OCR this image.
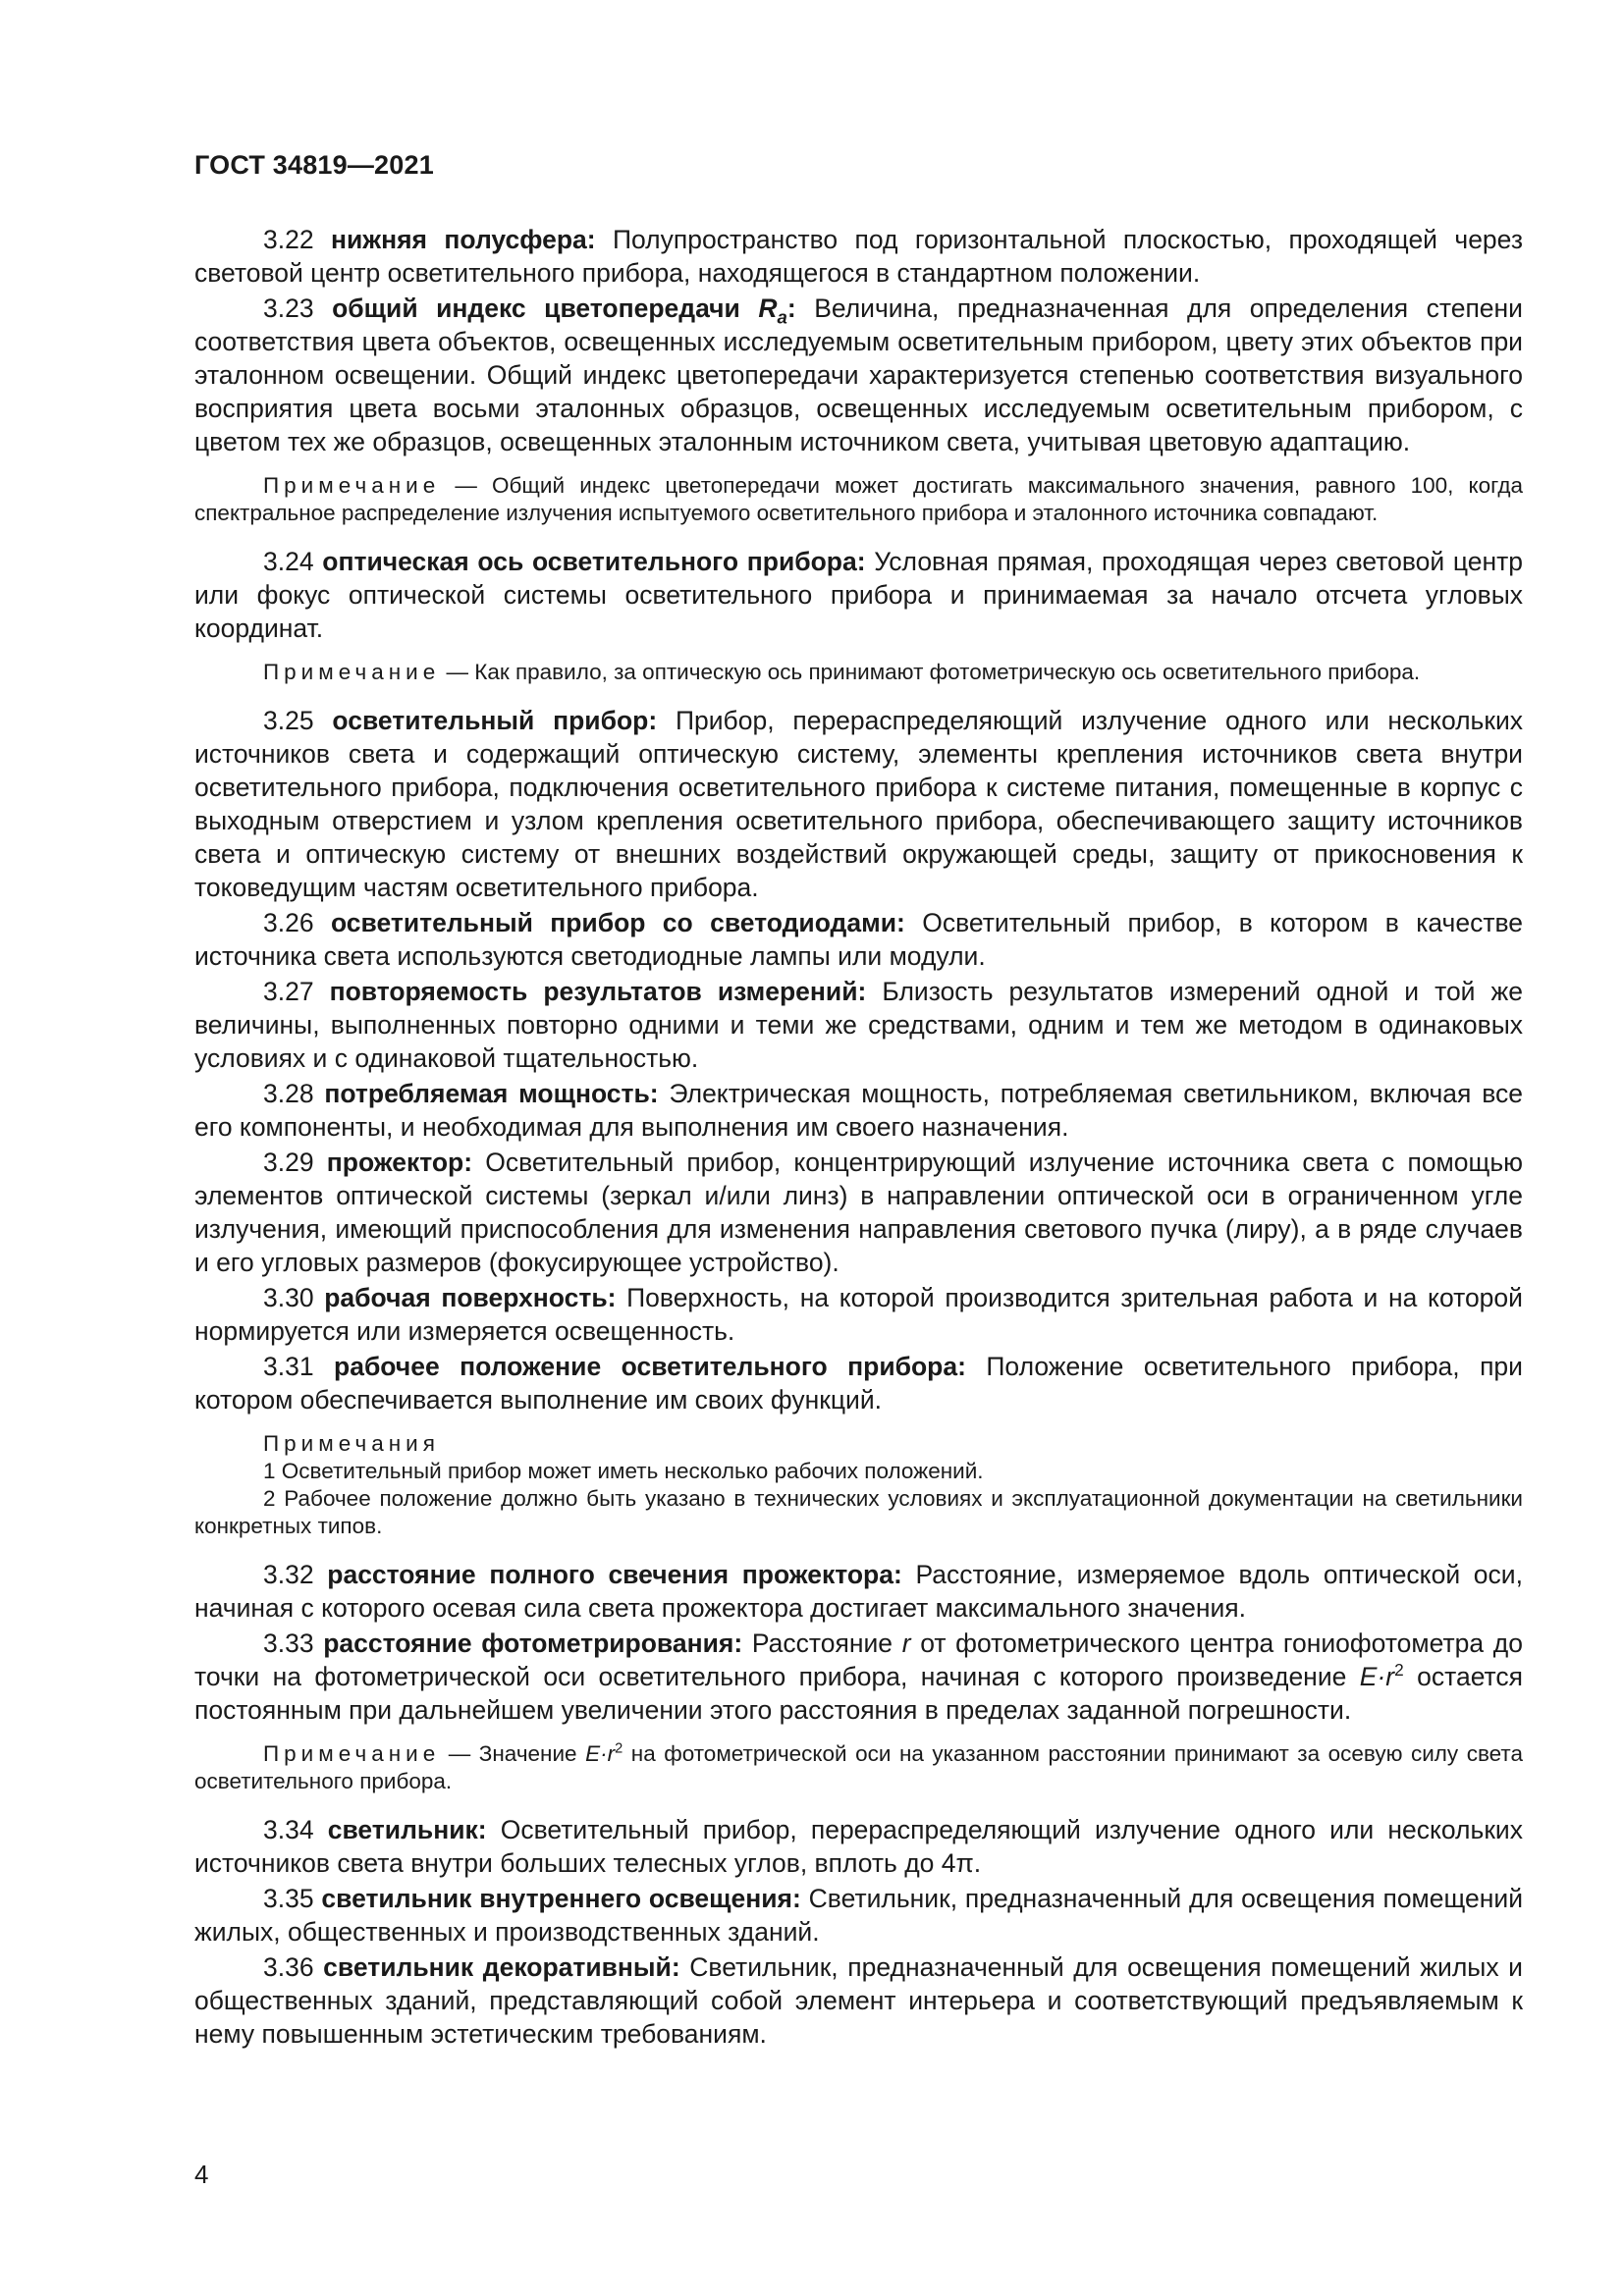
ГОСТ 34819—2021

3.22 нижняя полусфера: Полупространство под горизонтальной плоскостью, проходящей через световой центр осветительного прибора, находящегося в стандартном положении.

3.23 общий индекс цветопередачи $R_a$: Величина, предназначенная для определения степени соответствия цвета объектов, освещенных исследуемым осветительным прибором, цвету этих объектов при эталонном освещении. Общий индекс цветопередачи характеризуется степенью соответствия визуального восприятия цвета восьми эталонных образцов, освещенных исследуемым осветительным прибором, с цветом тех же образцов, освещенных эталонным источником света, учитывая цветовую адаптацию.

Примечание — Общий индекс цветопередачи может достигать максимального значения, равного 100, когда спектральное распределение излучения испытуемого осветительного прибора и эталонного источника совпадают.

3.24 оптическая ось осветительного прибора: Условная прямая, проходящая через световой центр или фокус оптической системы осветительного прибора и принимаемая за начало отсчета угловых координат.

Примечание — Как правило, за оптическую ось принимают фотометрическую ось осветительного прибора.

3.25 осветительный прибор: Прибор, перераспределяющий излучение одного или нескольких источников света и содержащий оптическую систему, элементы крепления источников света внутри осветительного прибора, подключения осветительного прибора к системе питания, помещенные в корпус с выходным отверстием и узлом крепления осветительного прибора, обеспечивающего защиту источников света и оптическую систему от внешних воздействий окружающей среды, защиту от прикосновения к токоведущим частям осветительного прибора.

3.26 осветительный прибор со светодиодами: Осветительный прибор, в котором в качестве источника света используются светодиодные лампы или модули.

3.27 повторяемость результатов измерений: Близость результатов измерений одной и той же величины, выполненных повторно одними и теми же средствами, одним и тем же методом в одинаковых условиях и с одинаковой тщательностью.

3.28 потребляемая мощность: Электрическая мощность, потребляемая светильником, включая все его компоненты, и необходимая для выполнения им своего назначения.

3.29 прожектор: Осветительный прибор, концентрирующий излучение источника света с помощью элементов оптической системы (зеркал и/или линз) в направлении оптической оси в ограниченном угле излучения, имеющий приспособления для изменения направления светового пучка (лиру), а в ряде случаев и его угловых размеров (фокусирующее устройство).

3.30 рабочая поверхность: Поверхность, на которой производится зрительная работа и на которой нормируется или измеряется освещенность.

3.31 рабочее положение осветительного прибора: Положение осветительного прибора, при котором обеспечивается выполнение им своих функций.

Примечания
1 Осветительный прибор может иметь несколько рабочих положений.
2 Рабочее положение должно быть указано в технических условиях и эксплуатационной документации на светильники конкретных типов.

3.32 расстояние полного свечения прожектора: Расстояние, измеряемое вдоль оптической оси, начиная с которого осевая сила света прожектора достигает максимального значения.

3.33 расстояние фотометрирования: Расстояние r от фотометрического центра гониофотометра до точки на фотометрической оси осветительного прибора, начиная с которого произведение $E\cdot r^2$ остается постоянным при дальнейшем увеличении этого расстояния в пределах заданной погрешности.

Примечание — Значение $E\cdot r^2$ на фотометрической оси на указанном расстоянии принимают за осевую силу света осветительного прибора.

3.34 светильник: Осветительный прибор, перераспределяющий излучение одного или нескольких источников света внутри больших телесных углов, вплоть до 4π.

3.35 светильник внутреннего освещения: Светильник, предназначенный для освещения помещений жилых, общественных и производственных зданий.

3.36 светильник декоративный: Светильник, предназначенный для освещения помещений жилых и общественных зданий, представляющий собой элемент интерьера и соответствующий предъявляемым к нему повышенным эстетическим требованиям.

4
